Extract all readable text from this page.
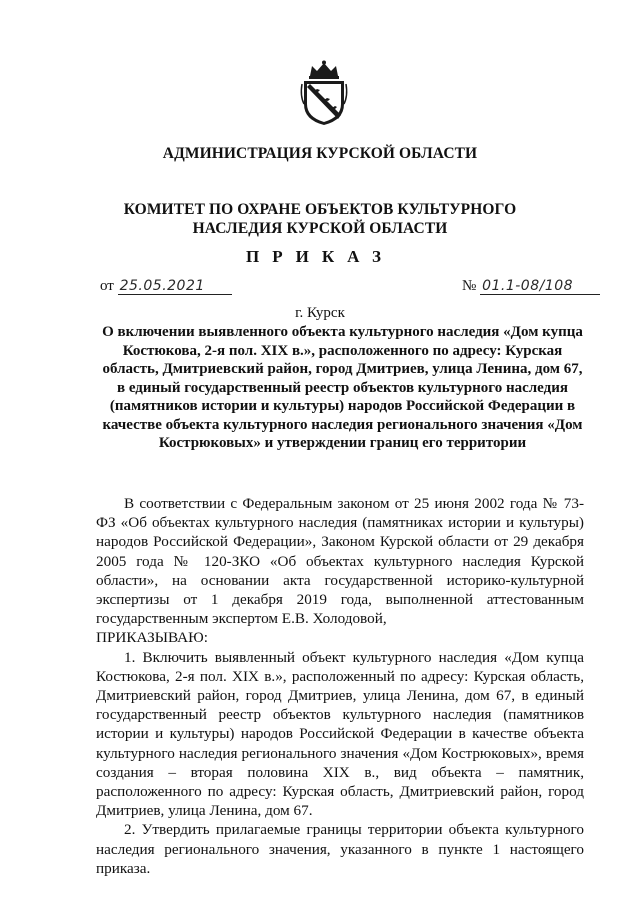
АДМИНИСТРАЦИЯ КУРСКОЙ ОБЛАСТИ
КОМИТЕТ ПО ОХРАНЕ ОБЪЕКТОВ КУЛЬТУРНОГО НАСЛЕДИЯ КУРСКОЙ ОБЛАСТИ
ПРИКАЗ
от 25.05.2021	№ 01.1-08/108
г. Курск
О включении выявленного объекта культурного наследия «Дом купца Костюкова, 2-я пол. XIX в.», расположенного по адресу: Курская область, Дмитриевский район, город Дмитриев, улица Ленина, дом 67, в единый государственный реестр объектов культурного наследия (памятников истории и культуры) народов Российской Федерации в качестве объекта культурного наследия регионального значения «Дом Кострюковых» и утверждении границ его территории

В соответствии с Федеральным законом от 25 июня 2002 года № 73-ФЗ «Об объектах культурного наследия (памятниках истории и культуры) народов Российской Федерации», Законом Курской области от 29 декабря 2005 года № 120-ЗКО «Об объектах культурного наследия Курской области», на основании акта государственной историко-культурной экспертизы от 1 декабря 2019 года, выполненной аттестованным государственным экспертом Е.В. Холодовой,

ПРИКАЗЫВАЮ:

1. Включить выявленный объект культурного наследия «Дом купца Костюкова, 2-я пол. XIX в.», расположенный по адресу: Курская область, Дмитриевский район, город Дмитриев, улица Ленина, дом 67, в единый государственный реестр объектов культурного наследия (памятников истории и культуры) народов Российской Федерации в качестве объекта культурного наследия регионального значения «Дом Кострюковых», время создания – вторая половина XIX в., вид объекта – памятник, расположенного по адресу: Курская область, Дмитриевский район, город Дмитриев, улица Ленина, дом 67.

2. Утвердить прилагаемые границы территории объекта культурного наследия регионального значения, указанного в пункте 1 настоящего приказа.
